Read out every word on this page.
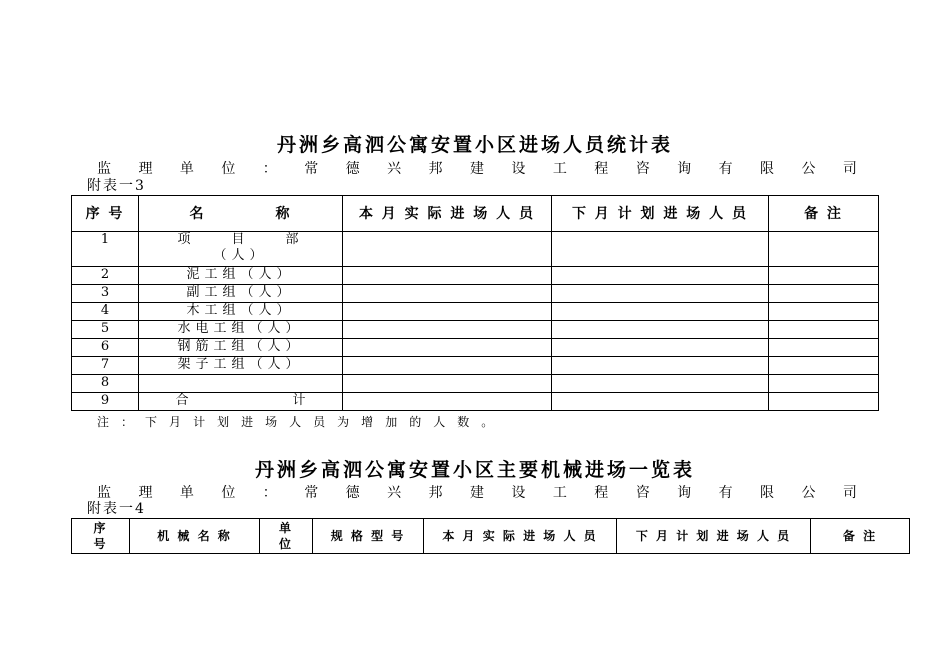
丹洲乡高泗公寓安置小区进场人员统计表
监 理 单 位 ： 常 德 兴 邦 建 设 工 程 咨 询 有 限 公 司
附表一3
序 号	名 称	本 月 实 际 进 场 人 员	下 月 计 划 进 场 人 员	备 注
1	项　　目　　部（人）			
2	泥工组（人）			
3	副工组（人）			
4	木工组（人）			
5	水电工组（人）			
6	钢筋工组（人）			
7	架子工组（人）			
8				
9	合　　　　　　　　计			
注 ： 下 月 计 划 进 场 人 员 为 增 加 的 人 数 。
丹洲乡高泗公寓安置小区主要机械进场一览表
监 理 单 位 ： 常 德 兴 邦 建 设 工 程 咨 询 有 限 公 司
附表一4
序 号	机 械 名 称	单 位	规 格 型 号	本 月 实 际 进 场 人 员	下 月 计 划 进 场 人 员	备 注
